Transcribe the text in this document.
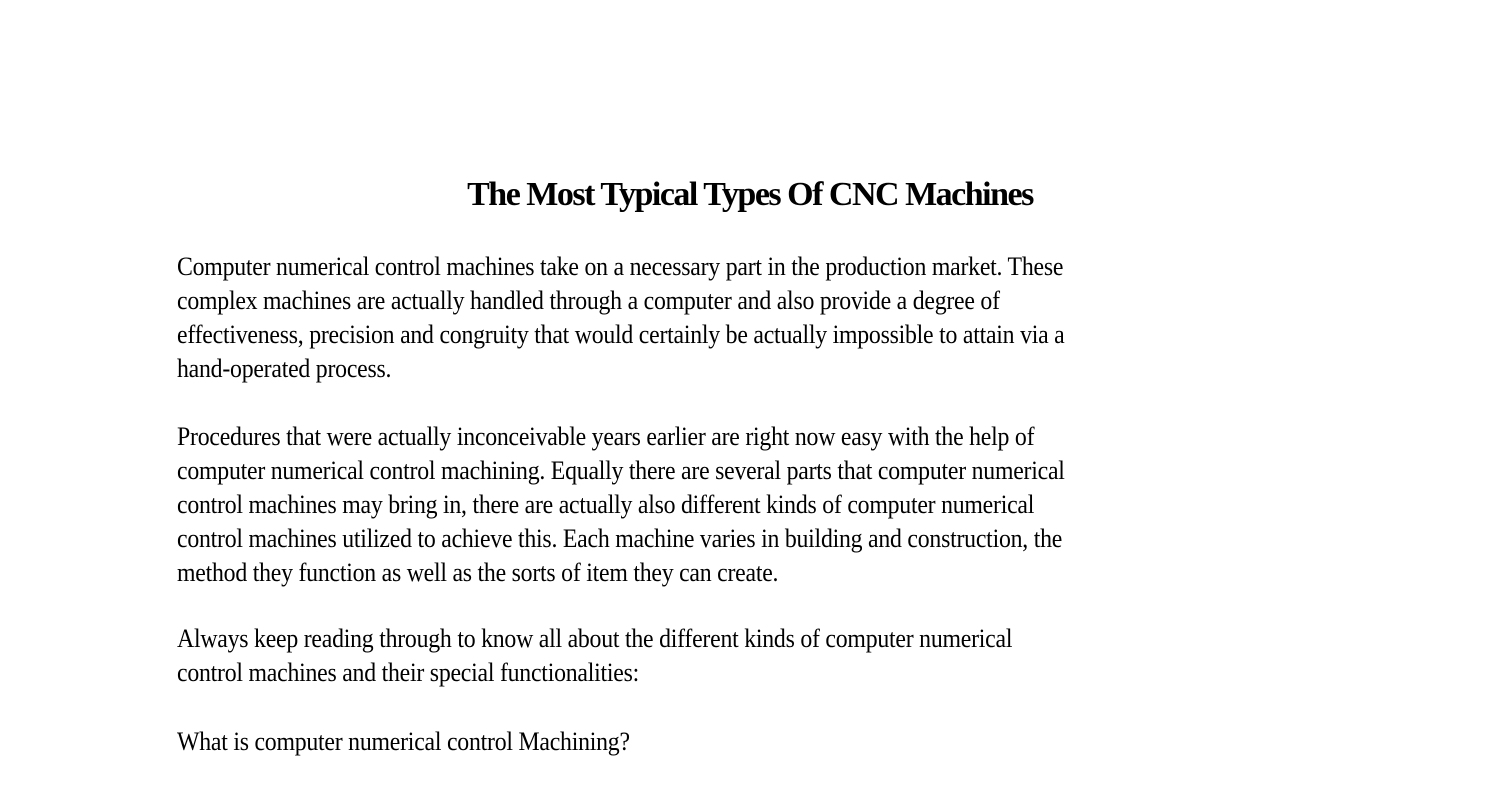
The Most Typical Types Of CNC Machines

Computer numerical control machines take on a necessary part in the production market. These
complex machines are actually handled through a computer and also provide a degree of
effectiveness, precision and congruity that would certainly be actually impossible to attain via a
hand-operated process.

Procedures that were actually inconceivable years earlier are right now easy with the help of
computer numerical control machining. Equally there are several parts that computer numerical
control machines may bring in, there are actually also different kinds of computer numerical
control machines utilized to achieve this. Each machine varies in building and construction, the
method they function as well as the sorts of item they can create.

Always keep reading through to know all about the different kinds of computer numerical
control machines and their special functionalities:

What is computer numerical control Machining?
